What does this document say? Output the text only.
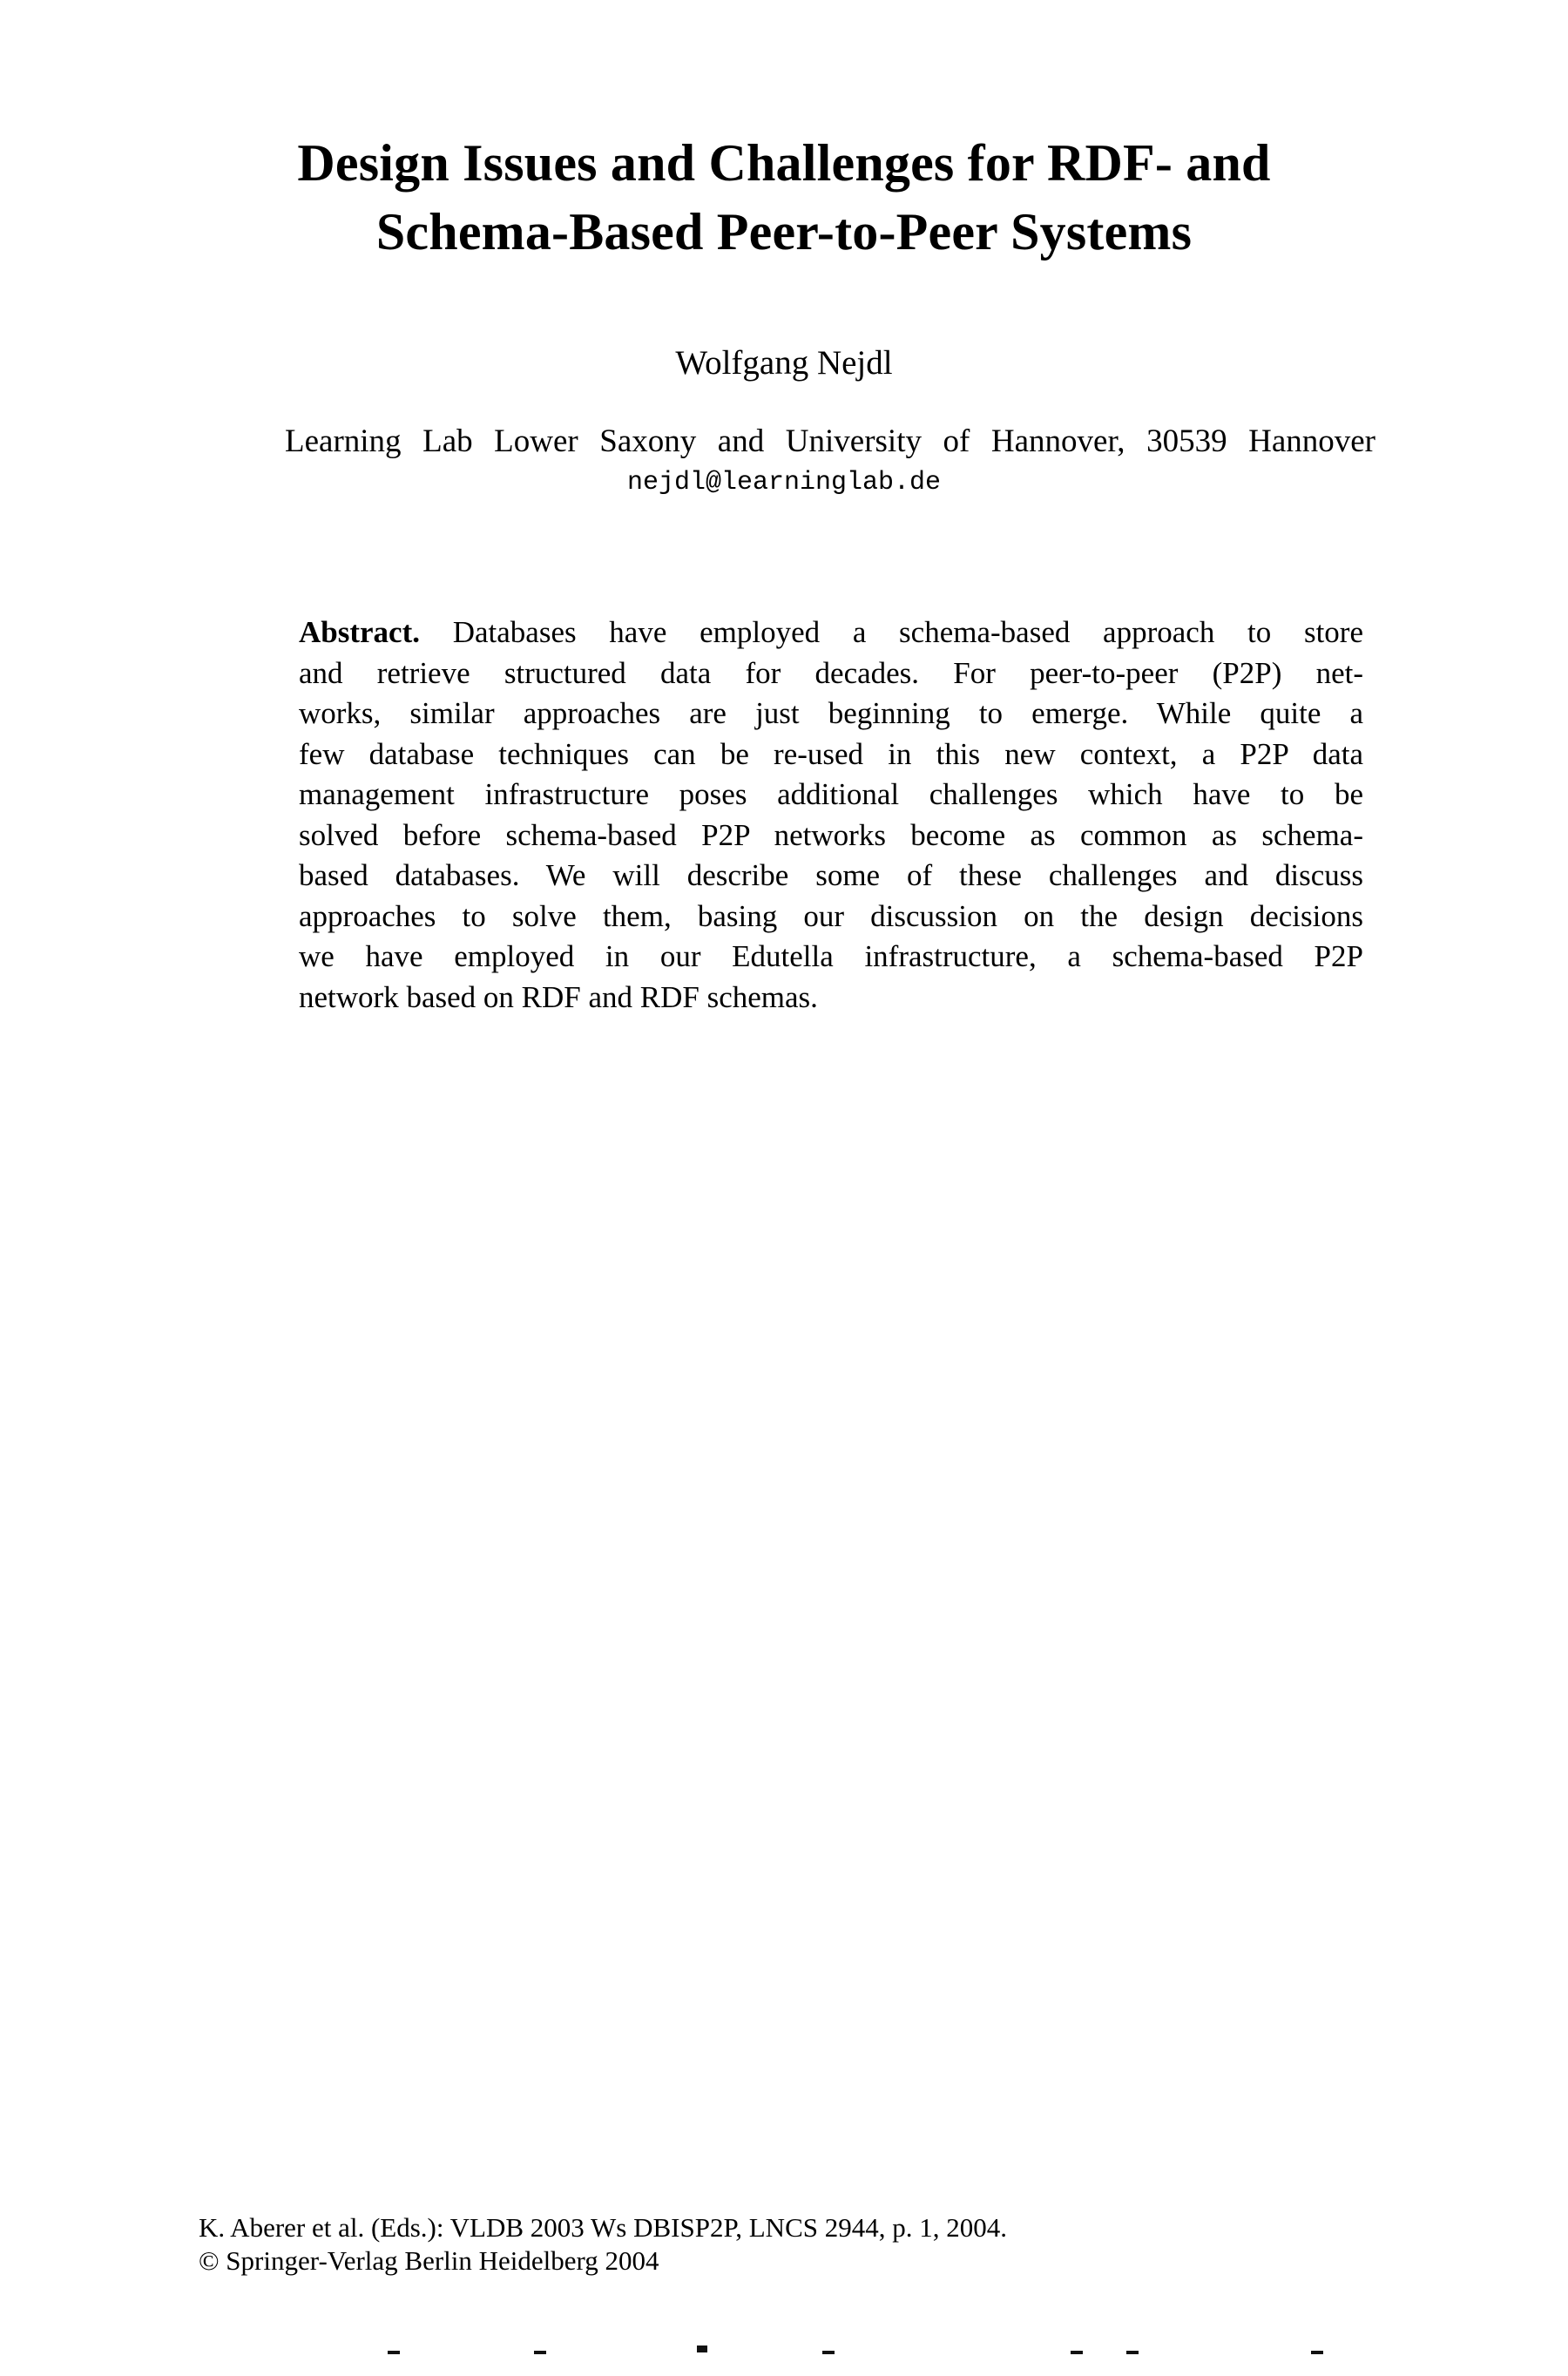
Design Issues and Challenges for RDF- and
Schema-Based Peer-to-Peer Systems
Wolfgang Nejdl
Learning Lab Lower Saxony and University of Hannover, 30539 Hannover
nejdl@learninglab.de
Abstract. Databases have employed a schema-based approach to store
and retrieve structured data for decades. For peer-to-peer (P2P) net-
works, similar approaches are just beginning to emerge. While quite a
few database techniques can be re-used in this new context, a P2P data
management infrastructure poses additional challenges which have to be
solved before schema-based P2P networks become as common as schema-
based databases. We will describe some of these challenges and discuss
approaches to solve them, basing our discussion on the design decisions
we have employed in our Edutella infrastructure, a schema-based P2P
network based on RDF and RDF schemas.
K. Aberer et al. (Eds.): VLDB 2003 Ws DBISP2P, LNCS 2944, p. 1, 2004.
© Springer-Verlag Berlin Heidelberg 2004
